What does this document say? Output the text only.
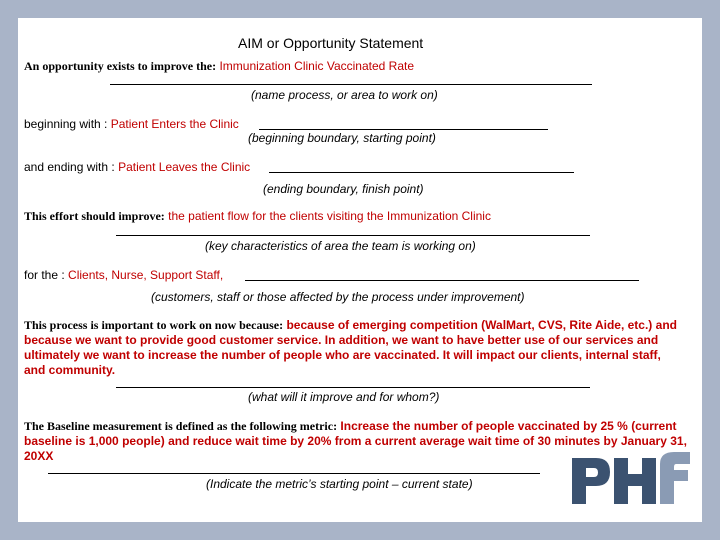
AIM or Opportunity Statement
An opportunity exists to improve the: Immunization Clinic Vaccinated Rate
(name process, or area to work on)
beginning with : Patient Enters the Clinic
(beginning boundary, starting point)
and ending with : Patient Leaves the Clinic
(ending boundary, finish point)
This effort should improve: the patient flow for the clients visiting the Immunization Clinic
(key characteristics of area the team is working on)
for the : Clients, Nurse, Support Staff,
(customers, staff or those affected by the process under improvement)
This process is important to work on now because: because of emerging competition (WalMart, CVS, Rite Aide, etc.) and because we want to provide good customer service. In addition, we want to have better use of our services and ultimately we want to increase the number of people who are vaccinated. It will impact our clients, internal staff, and community.
(what will it improve and for whom?)
The Baseline measurement is defined as the following metric: Increase the number of people vaccinated by 25 % (current baseline is 1,000 people) and reduce wait time by 20% from a current average wait time of 30 minutes by January 31, 20XX
(Indicate the metric’s starting point – current state)
